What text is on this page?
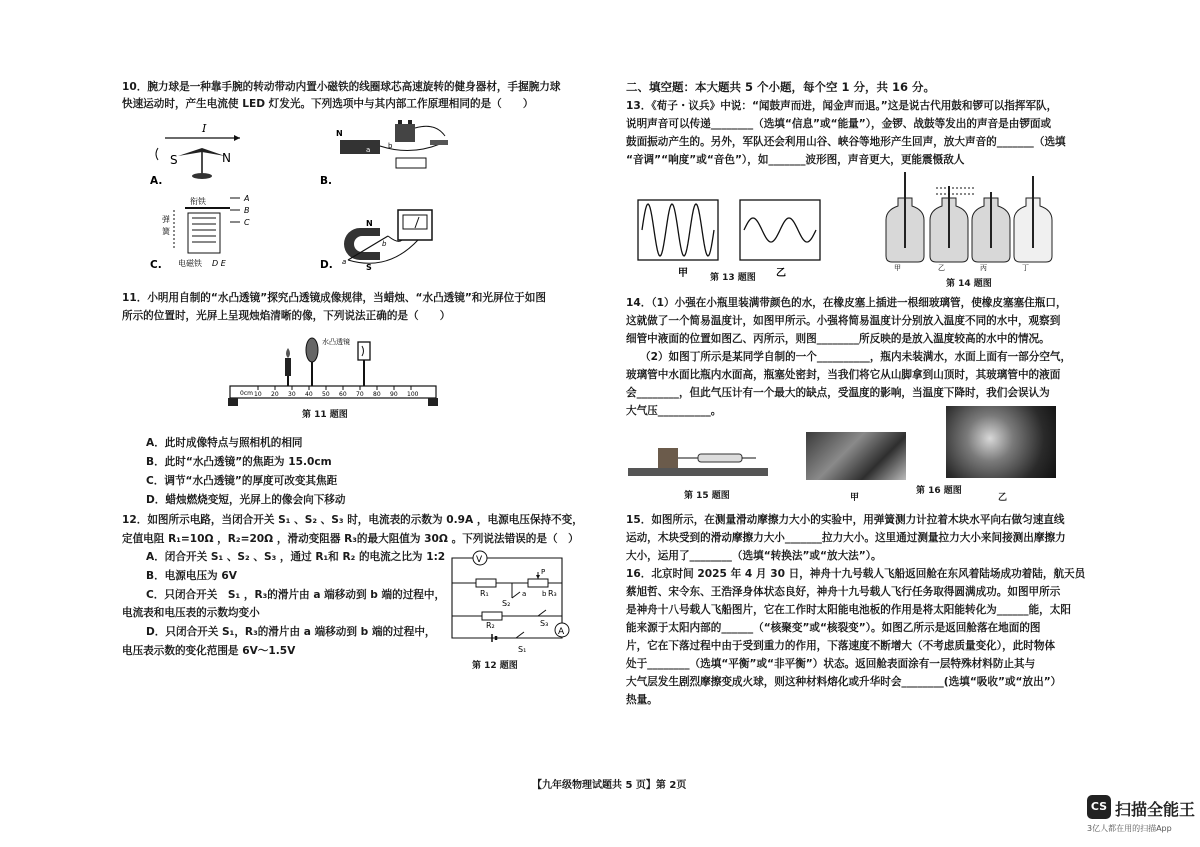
10．腕力球是一种靠手腕的转动带动内置小磁铁的线圈球芯高速旋转的健身器材，手握腕力球
快速运动时，产生电流使 LED 灯发光。下列选项中与其内部工作原理相同的是（　　）
I
S	N
N
a	b
A.	B.
衔铁
弹
簧
A
B
C
电磁铁 D E
N
S
a
b
C.	D.
11．小明用自制的“水凸透镜”探究凸透镜成像规律，当蜡烛、“水凸透镜”和光屏位于如图
所示的位置时，光屏上呈现烛焰清晰的像，下列说法正确的是（　　）
水凸透镜
0cm 10 20 30 40 50 60 70 80 90 100
第 11 题图
A．此时成像特点与照相机的相同
B．此时“水凸透镜”的焦距为 15.0cm
C．调节“水凸透镜”的厚度可改变其焦距
D．蜡烛燃烧变短，光屏上的像会向下移动
12．如图所示电路，当闭合开关 S₁ 、S₂ 、S₃ 时，电流表的示数为 0.9A ，电源电压保持不变，
定值电阻 R₁=10Ω ，R₂=20Ω ，滑动变阻器 R₃的最大阻值为 30Ω 。下列说法错误的是（　）
A．闭合开关 S₁ 、S₂ 、S₃ ，通过 R₁和 R₂ 的电流之比为 1:2
B．电源电压为 6V
C．只闭合开关　S₁ ，R₃的滑片由 a 端移动到 b 端的过程中，
电流表和电压表的示数均变小
D．只闭合开关 S₁，R₃的滑片由 a 端移动到 b 端的过程中，
电压表示数的变化范围是 6V～1.5V
V
A
R₁
P
a b R₃
S₂
R₂	S₃
S₁
第 12 题图
二、填空题：本大题共 5 个小题，每个空 1 分，共 16 分。
13．《荀子・议兵》中说：“闻鼓声而进，闻金声而退。”这是说古代用鼓和锣可以指挥军队，
说明声音可以传递________（选填“信息”或“能量”），金锣、战鼓等发出的声音是由锣面或
鼓面振动产生的。另外，军队还会利用山谷、峡谷等地形产生回声，放大声音的_______（选填
“音调”“响度”或“音色”），如_______波形图，声音更大，更能震慑敌人
甲	乙
第 13 题图
甲	乙	丙	丁
第 14 题图
14．（1）小强在小瓶里装满带颜色的水，在橡皮塞上插进一根细玻璃管，使橡皮塞塞住瓶口，
这就做了一个简易温度计，如图甲所示。小强将简易温度计分别放入温度不同的水中，观察到
细管中液面的位置如图乙、丙所示，则图________所反映的是放入温度较高的水中的情况。
（2）如图丁所示是某同学自制的一个__________，瓶内未装满水，水面上面有一部分空气，
玻璃管中水面比瓶内水面高，瓶塞处密封，当我们将它从山脚拿到山顶时，其玻璃管中的液面
会________，但此气压计有一个最大的缺点，受温度的影响，当温度下降时，我们会误认为
大气压__________。
第 15 题图	甲
第 16 题图
乙
15．如图所示，在测量滑动摩擦力大小的实验中，用弹簧测力计拉着木块水平向右做匀速直线
运动，木块受到的滑动摩擦力大小_______拉力大小。这里通过测量拉力大小来间接测出摩擦力
大小，运用了________（选填“转换法”或“放大法”）。
16．北京时间 2025 年 4 月 30 日，神舟十九号载人飞船返回舱在东风着陆场成功着陆，航天员
蔡旭哲、宋令东、王浩泽身体状态良好，神舟十九号载人飞行任务取得圆满成功。如图甲所示
是神舟十八号载人飞船图片，它在工作时太阳能电池板的作用是将太阳能转化为______能，太阳
能来源于太阳内部的______（“核聚变”或“核裂变”）。如图乙所示是返回舱落在地面的图
片，它在下落过程中由于受到重力的作用，下落速度不断增大（不考虑质量变化），此时物体
处于________（选填“平衡”或“非平衡”）状态。返回舱表面涂有一层特殊材料防止其与
大气层发生剧烈摩擦变成火球，则这种材料熔化或升华时会________(选填“吸收”或“放出”）
热量。
【九年级物理试题共 5 页】第 2页
CS 扫描全能王
3亿人都在用的扫描App
